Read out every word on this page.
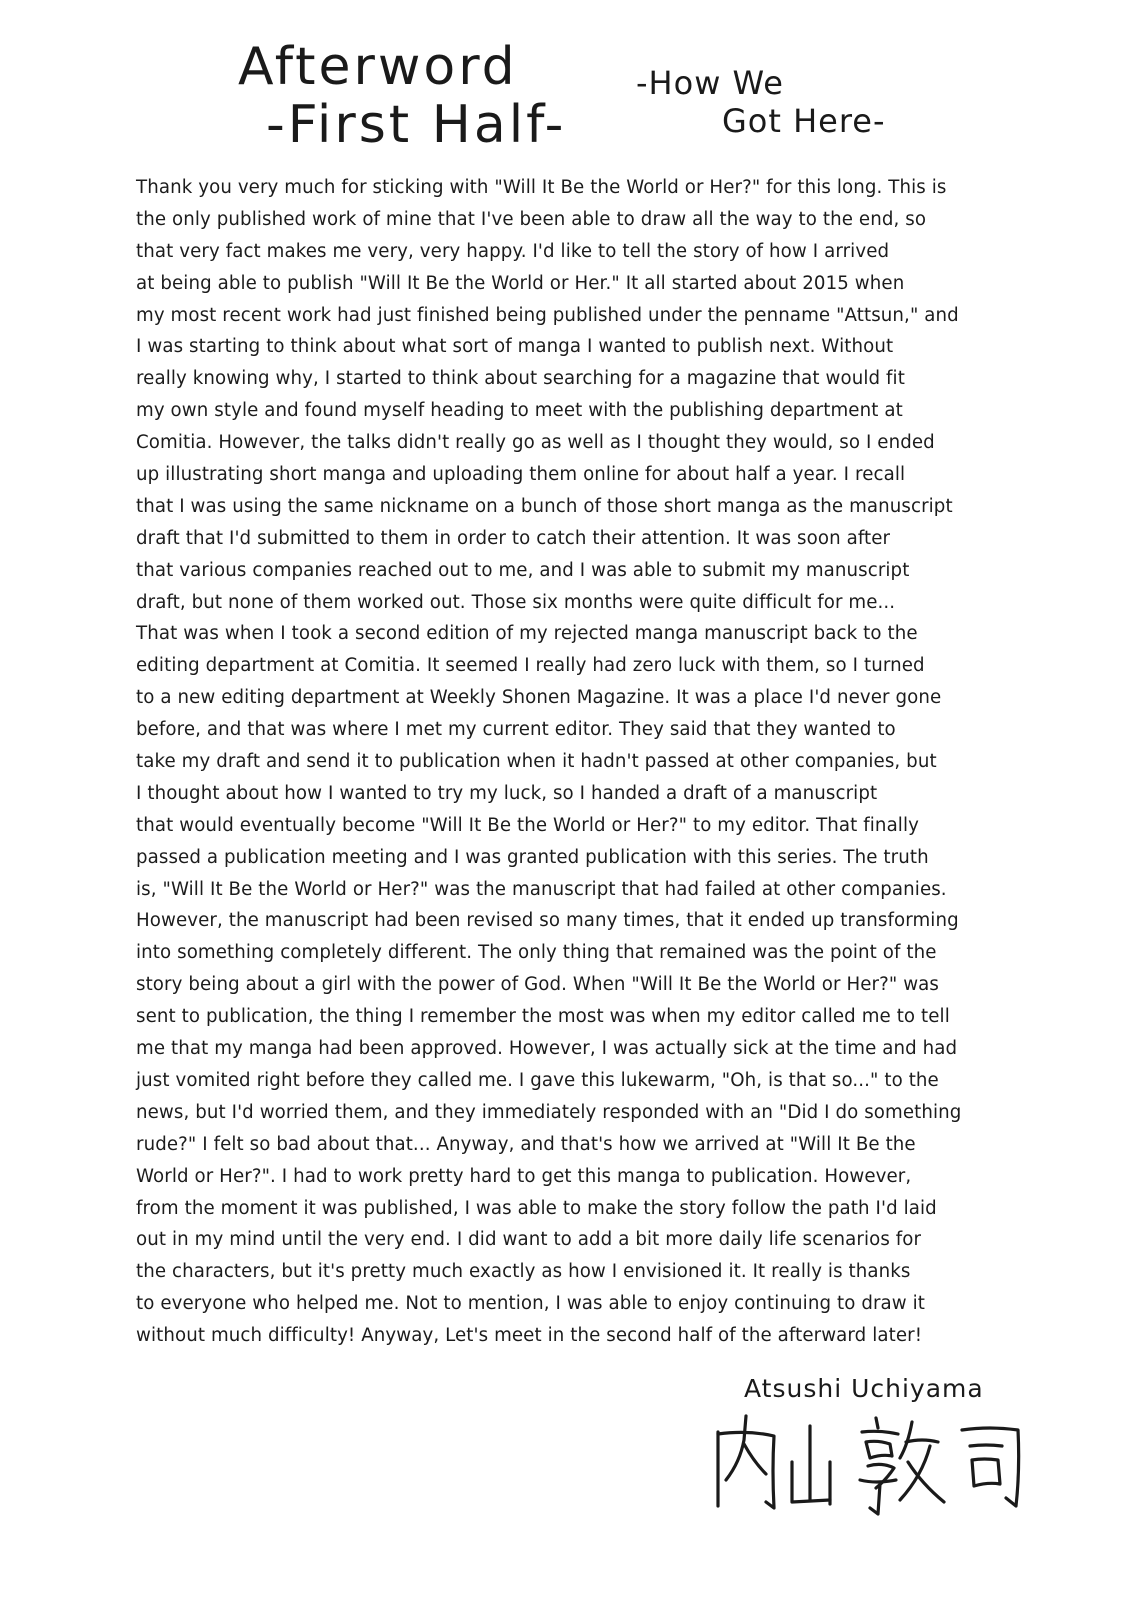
Afterword
-First Half-
-How We
Got Here-
Thank you very much for sticking with "Will It Be the World or Her?" for this long. This is
the only published work of mine that I've been able to draw all the way to the end, so
that very fact makes me very, very happy. I'd like to tell the story of how I arrived
at being able to publish "Will It Be the World or Her." It all started about 2015 when
my most recent work had just finished being published under the penname "Attsun," and
I was starting to think about what sort of manga I wanted to publish next. Without
really knowing why, I started to think about searching for a magazine that would fit
my own style and found myself heading to meet with the publishing department at
Comitia. However, the talks didn't really go as well as I thought they would, so I ended
up illustrating short manga and uploading them online for about half a year. I recall
that I was using the same nickname on a bunch of those short manga as the manuscript
draft that I'd submitted to them in order to catch their attention. It was soon after
that various companies reached out to me, and I was able to submit my manuscript
draft, but none of them worked out. Those six months were quite difficult for me...
That was when I took a second edition of my rejected manga manuscript back to the
editing department at Comitia. It seemed I really had zero luck with them, so I turned
to a new editing department at Weekly Shonen Magazine. It was a place I'd never gone
before, and that was where I met my current editor. They said that they wanted to
take my draft and send it to publication when it hadn't passed at other companies, but
I thought about how I wanted to try my luck, so I handed a draft of a manuscript
that would eventually become "Will It Be the World or Her?" to my editor. That finally
passed a publication meeting and I was granted publication with this series. The truth
is, "Will It Be the World or Her?" was the manuscript that had failed at other companies.
However, the manuscript had been revised so many times, that it ended up transforming
into something completely different. The only thing that remained was the point of the
story being about a girl with the power of God. When "Will It Be the World or Her?" was
sent to publication, the thing I remember the most was when my editor called me to tell
me that my manga had been approved. However, I was actually sick at the time and had
just vomited right before they called me. I gave this lukewarm, "Oh, is that so..." to the
news, but I'd worried them, and they immediately responded with an "Did I do something
rude?" I felt so bad about that... Anyway, and that's how we arrived at "Will It Be the
World or Her?". I had to work pretty hard to get this manga to publication. However,
from the moment it was published, I was able to make the story follow the path I'd laid
out in my mind until the very end. I did want to add a bit more daily life scenarios for
the characters, but it's pretty much exactly as how I envisioned it. It really is thanks
to everyone who helped me. Not to mention, I was able to enjoy continuing to draw it
without much difficulty! Anyway, Let's meet in the second half of the afterward later!
Atsushi Uchiyama
